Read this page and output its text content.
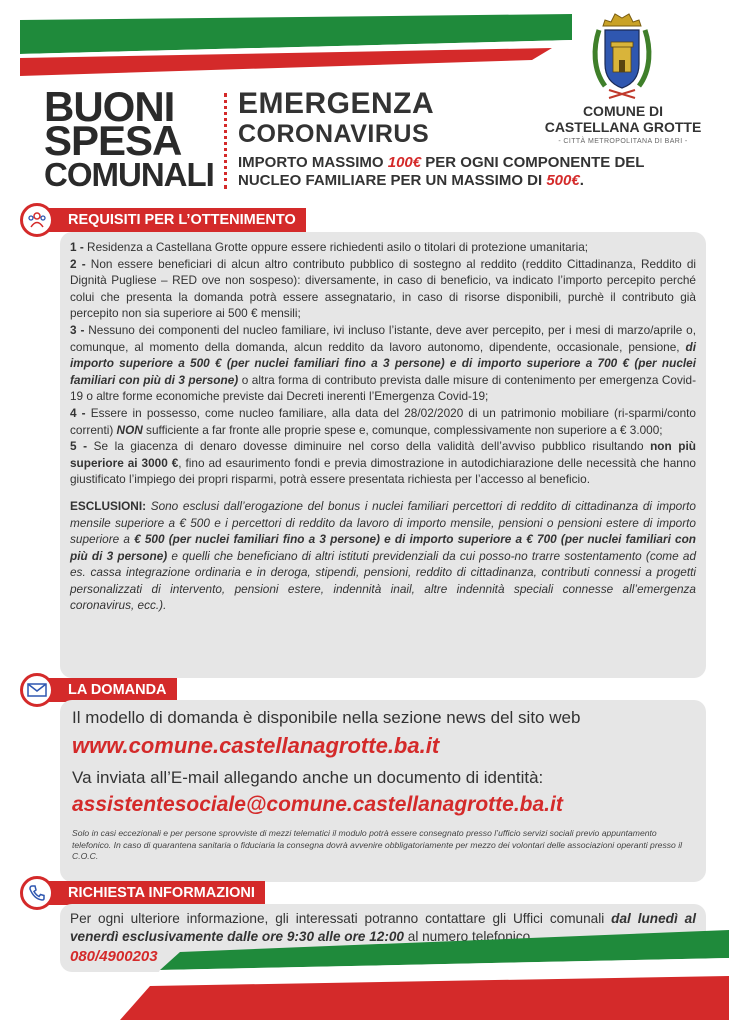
COMUNE DI
CASTELLANA GROTTE
- CITTÀ METROPOLITANA DI BARI -
BUONI
SPESA
COMUNALI
EMERGENZA
CORONAVIRUS
IMPORTO MASSIMO 100€ PER OGNI COMPONENTE DEL NUCLEO FAMILIARE PER UN MASSIMO DI 500€.
REQUISITI PER L’OTTENIMENTO

1 - Residenza a Castellana Grotte oppure essere richiedenti asilo o titolari di protezione umanitaria;

2 - Non essere beneficiari di alcun altro contributo pubblico di sostegno al reddito (reddito Cittadinanza, Reddito di Dignità Pugliese – RED ove non sospeso): diversamente, in caso di beneficio, va indicato l’importo percepito perché colui che presenta la domanda potrà essere assegnatario, in caso di risorse disponibili, purchè il contributo già percepito non sia superiore ai 500 € mensili;

3 - Nessuno dei componenti del nucleo familiare, ivi incluso l’istante, deve aver percepito, per i mesi di marzo/aprile o, comunque, al momento della domanda, alcun reddito da lavoro autonomo, dipendente, occasionale, pensione, di importo superiore a 500 € (per nuclei familiari fino a 3 persone) e di importo superiore a 700 € (per nuclei familiari con più di 3 persone) o altra forma di contributo prevista dalle misure di contenimento per emergenza Covid-19 o altre forme economiche previste dai Decreti inerenti l’Emergenza Covid-19;

4 - Essere in possesso, come nucleo familiare, alla data del 28/02/2020 di un patrimonio mobiliare (ri-sparmi/conto correnti) NON sufficiente a far fronte alle proprie spese e, comunque, complessivamente non superiore a € 3.000;

5 - Se la giacenza di denaro dovesse diminuire nel corso della validità dell’avviso pubblico risultando non più superiore ai 3000 €, fino ad esaurimento fondi e previa dimostrazione in autodichiarazione delle necessità che hanno giustificato l’impiego dei propri risparmi, potrà essere presentata richiesta per l’accesso al beneficio.

ESCLUSIONI: Sono esclusi dall’erogazione del bonus i nuclei familiari percettori di reddito di cittadinanza di importo mensile superiore a € 500 e i percettori di reddito da lavoro di importo mensile, pensioni o pensioni estere di importo superiore a € 500 (per nuclei familiari fino a 3 persone) e di importo superiore a € 700 (per nuclei familiari con più di 3 persone) e quelli che beneficiano di altri istituti previdenziali da cui posso-no trarre sostentamento (come ad es. cassa integrazione ordinaria e in deroga, stipendi, pensioni, reddito di cittadinanza, contributi connessi a progetti personalizzati di intervento, pensioni estere, indennità inail, altre indennità speciali connesse all’emergenza coronavirus, ecc.).

LA DOMANDA
Il modello di domanda è disponibile nella sezione news del sito web
www.comune.castellanagrotte.ba.it
Va inviata all’E-mail allegando anche un documento di identità:
assistentesociale@comune.castellanagrotte.ba.it
Solo in casi eccezionali e per persone sprovviste di mezzi telematici il modulo potrà essere consegnato presso l’ufficio servizi sociali previo appuntamento telefonico. In caso di quarantena sanitaria o fiduciaria la consegna dovrà avvenire obbligatoriamente per mezzo dei volontari delle associazioni operanti presso il C.O.C.
RICHIESTA INFORMAZIONI
Per ogni ulteriore informazione, gli interessati potranno contattare gli Uffici comunali dal lunedì al venerdì esclusivamente dalle ore 9:30 alle ore 12:00 al numero telefonico
080/4900203
